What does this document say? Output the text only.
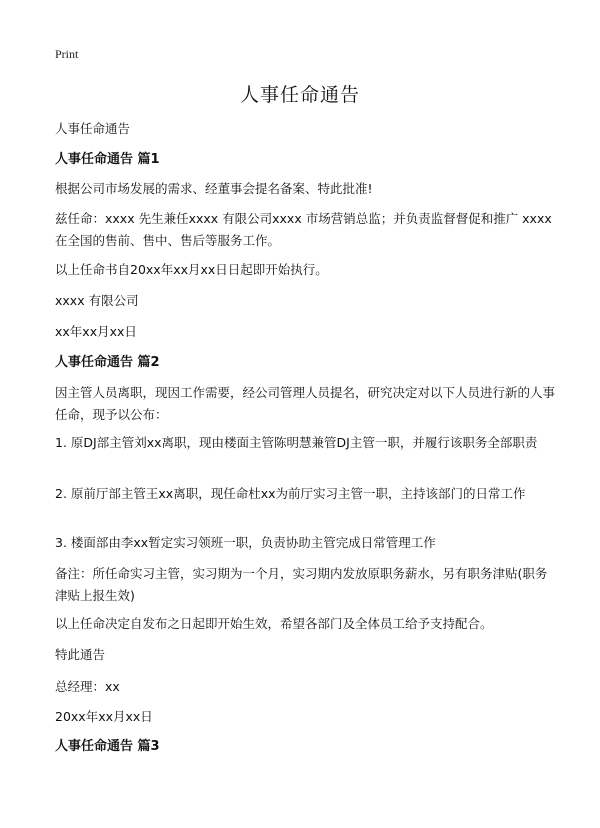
Print
人事任命通告

人事任命通告

人事任命通告 篇1

根据公司市场发展的需求、经董事会提名备案、特此批准!

兹任命：xxxx 先生兼任xxxx 有限公司xxxx 市场营销总监；并负责监督督促和推广 xxxx 在全国的售前、售中、售后等服务工作。

以上任命书自20xx年xx月xx日日起即开始执行。

xxxx 有限公司

xx年xx月xx日

人事任命通告 篇2

因主管人员离职，现因工作需要，经公司管理人员提名，研究决定对以下人员进行新的人事任命，现予以公布：

1. 原DJ部主管刘xx离职，现由楼面主管陈明慧兼管DJ主管一职，并履行该职务全部职责

2. 原前厅部主管王xx离职，现任命杜xx为前厅实习主管一职，主持该部门的日常工作

3. 楼面部由李xx暂定实习领班一职，负责协助主管完成日常管理工作

备注：所任命实习主管，实习期为一个月，实习期内发放原职务薪水，另有职务津贴(职务津贴上报生效)

以上任命决定自发布之日起即开始生效，希望各部门及全体员工给予支持配合。

特此通告

总经理：xx

20xx年xx月xx日

人事任命通告 篇3
